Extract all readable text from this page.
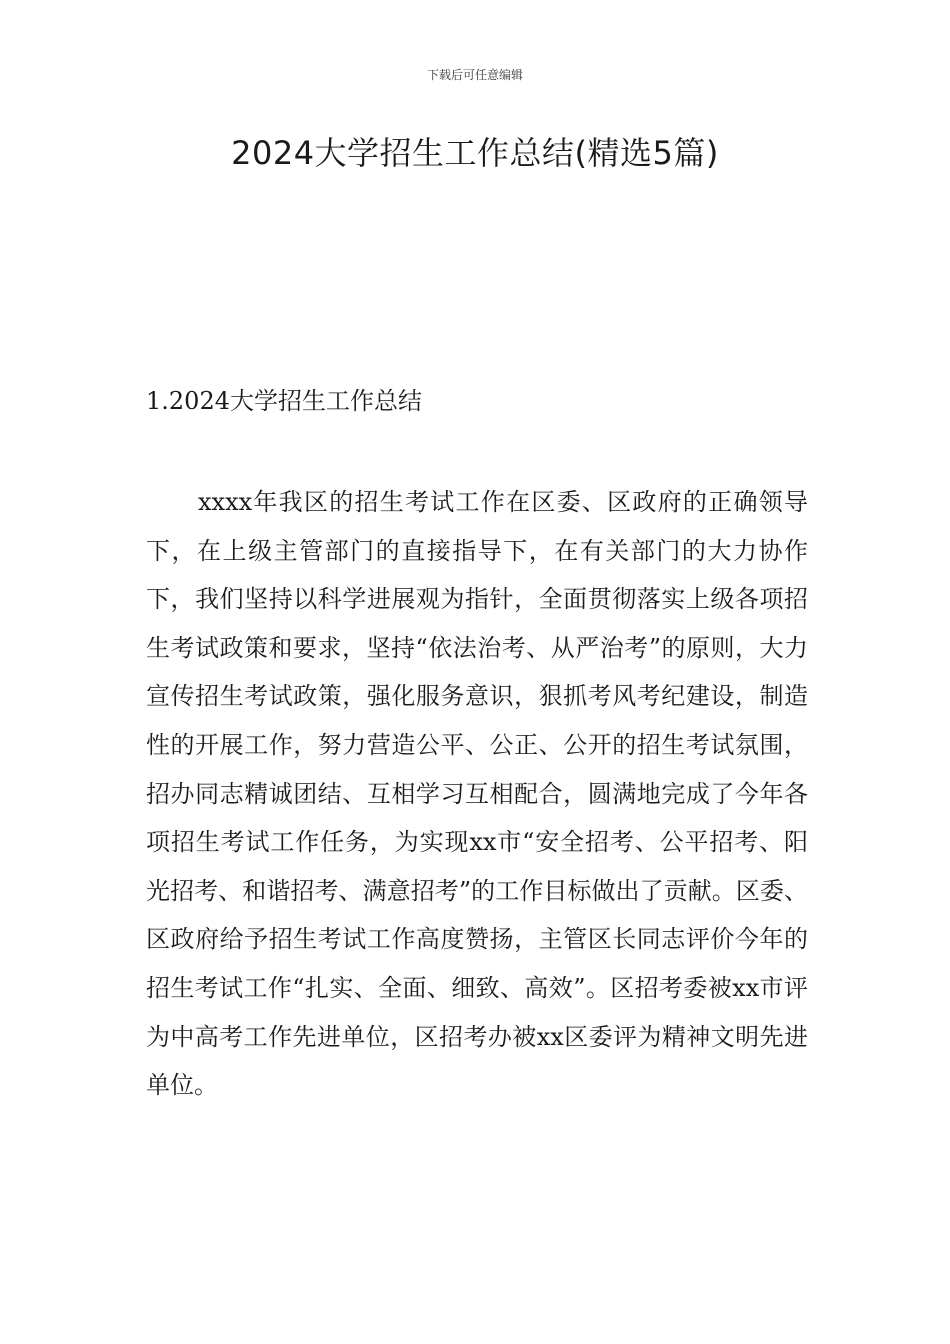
下载后可任意编辑
2024大学招生工作总结(精选5篇)
1.2024大学招生工作总结

xxxx年我区的招生考试工作在区委、区政府的正确领导下，在上级主管部门的直接指导下，在有关部门的大力协作下，我们坚持以科学进展观为指针，全面贯彻落实上级各项招生考试政策和要求，坚持“依法治考、从严治考”的原则，大力宣传招生考试政策，强化服务意识，狠抓考风考纪建设，制造性的开展工作，努力营造公平、公正、公开的招生考试氛围，招办同志精诚团结、互相学习互相配合，圆满地完成了今年各项招生考试工作任务，为实现xx市“安全招考、公平招考、阳光招考、和谐招考、满意招考”的工作目标做出了贡献。区委、区政府给予招生考试工作高度赞扬，主管区长同志评价今年的招生考试工作“扎实、全面、细致、高效”。区招考委被xx市评为中高考工作先进单位，区招考办被xx区委评为精神文明先进单位。
